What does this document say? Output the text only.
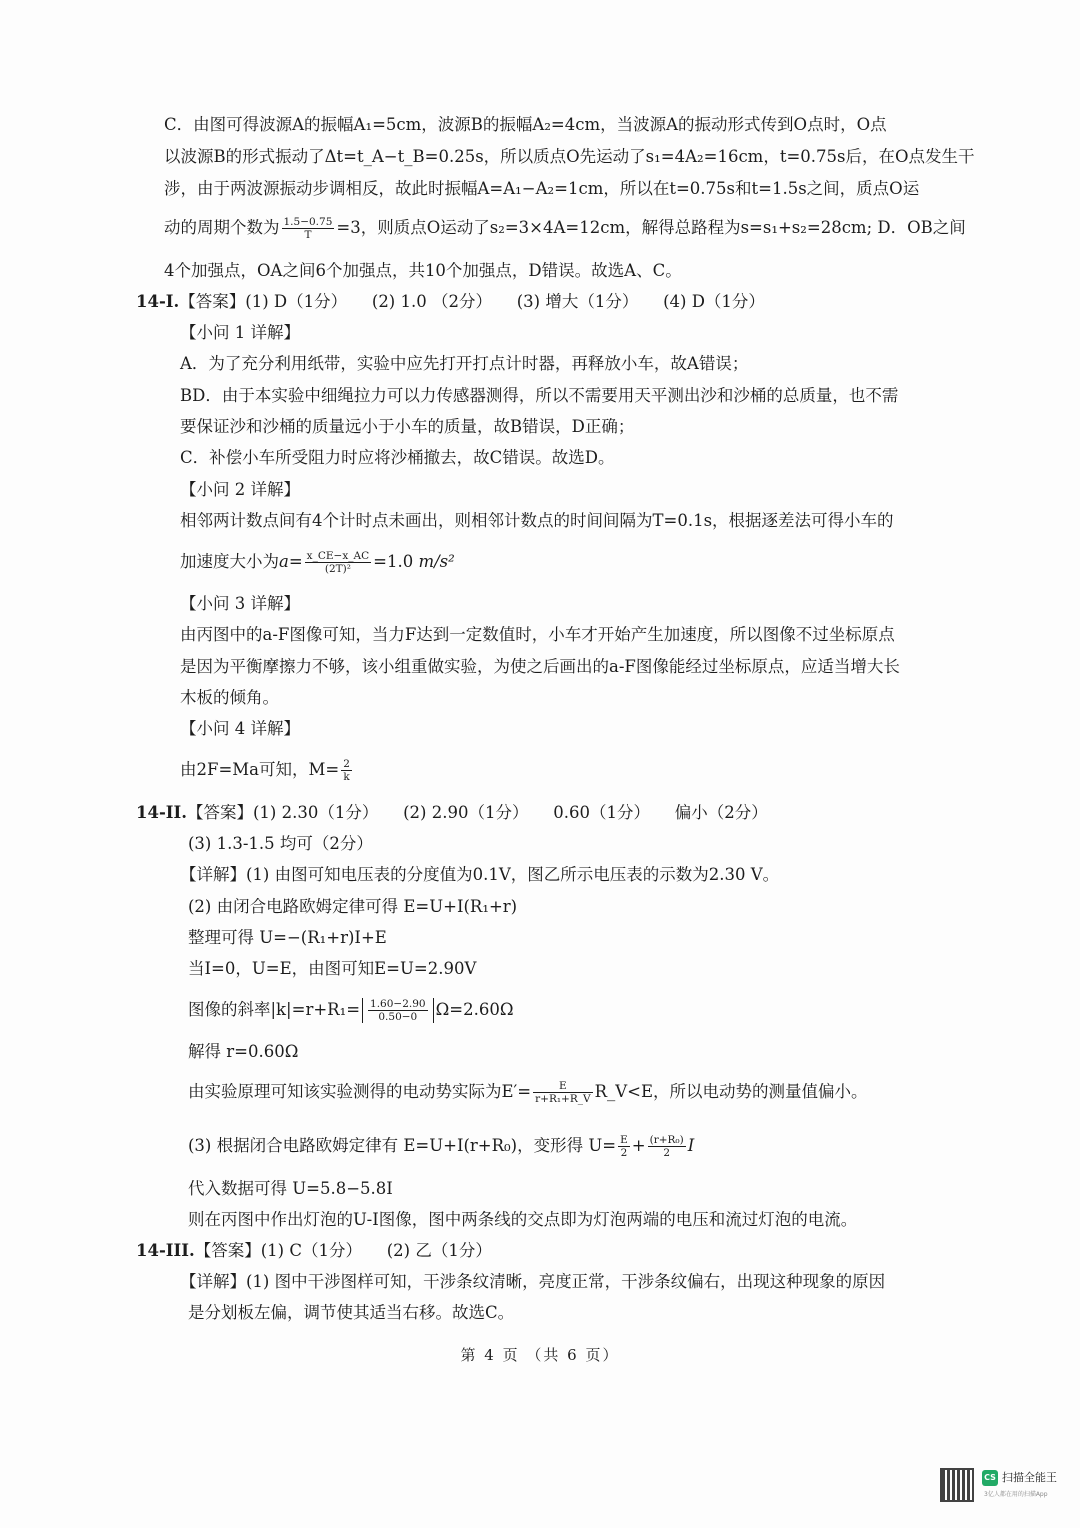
C．由图可得波源A的振幅A₁=5cm，波源B的振幅A₂=4cm，当波源A的振动形式传到O点时，O点
以波源B的形式振动了Δt=t_A−t_B=0.25s，所以质点O先运动了s₁=4A₂=16cm，t=0.75s后，在O点发生干
涉，由于两波源振动步调相反，故此时振幅A=A₁−A₂=1cm，所以在t=0.75s和t=1.5s之间，质点O运
动的周期个数为 $\frac{1.5-0.75}{T} =3$，则质点O运动了s₂=3×4A=12cm，解得总路程为s=s₁+s₂=28cm; D．OB之间
4个加强点，OA之间6个加强点，共10个加强点，D错误。故选A、C。
14-I.【答案】(1) D（1分）　　(2) 1.0 （2分）　　(3) 增大（1分）　　(4) D（1分）
【小问 1 详解】
A．为了充分利用纸带，实验中应先打开打点计时器，再释放小车，故A错误；
BD．由于本实验中细绳拉力可以力传感器测得，所以不需要用天平测出沙和沙桶的总质量，也不需
要保证沙和沙桶的质量远小于小车的质量，故B错误，D正确；
C．补偿小车所受阻力时应将沙桶撤去，故C错误。故选D。
【小问 2 详解】
相邻两计数点间有4个计时点未画出，则相邻计数点的时间间隔为T=0.1s，根据逐差法可得小车的
加速度大小为$a= \frac{x\_CE-x\_AC}{\text{(2T)²}} =1.0$ m/s²
【小问 3 详解】
由丙图中的a-F图像可知，当力F达到一定数值时，小车才开始产生加速度，所以图像不过坐标原点
是因为平衡摩擦力不够，该小组重做实验，为使之后画出的a-F图像能经过坐标原点，应适当增大长
木板的倾角。
【小问 4 详解】
由2F=Ma可知，$M= \frac{2}{k}$
14-II.【答案】(1) 2.30（1分）　　(2) 2.90（1分）　　0.60（1分）　　偏小（2分）
(3) 1.3-1.5 均可（2分）
【详解】(1) 由图可知电压表的分度值为0.1V，图乙所示电压表的示数为2.30 V。
(2) 由闭合电路欧姆定律可得 E=U+I(R₁+r)
整理可得 U=−(R₁+r)I+E
当I=0，U=E，由图可知E=U=2.90V
图像的斜率$|k|=r+R_1= \frac{1.60-2.90}{0.50-0} \Omega=2.60\Omega$
解得 r=0.60Ω
由实验原理可知该实验测得的电动势实际为$E'= \frac{E}{\text{r+R₁+R\_V}}$ R_V<E，所以电动势的测量值偏小。
(3) 根据闭合电路欧姆定律有 E=U+I(r+R₀)，变形得 $U= \frac{E}{2} + \frac{\text{(r+R₀)}}{2}$ I
代入数据可得 U=5.8−5.8I
则在丙图中作出灯泡的U-I图像，图中两条线的交点即为灯泡两端的电压和流过灯泡的电流。
14-III.【答案】(1) C（1分）　　(2) 乙（1分）
【详解】(1) 图中干涉图样可知，干涉条纹清晰，亮度正常，干涉条纹偏右，出现这种现象的原因
是分划板左偏，调节使其适当右移。故选C。
第 4 页 （共 6 页）
CS 扫描全能王
3亿人都在用的扫描App
